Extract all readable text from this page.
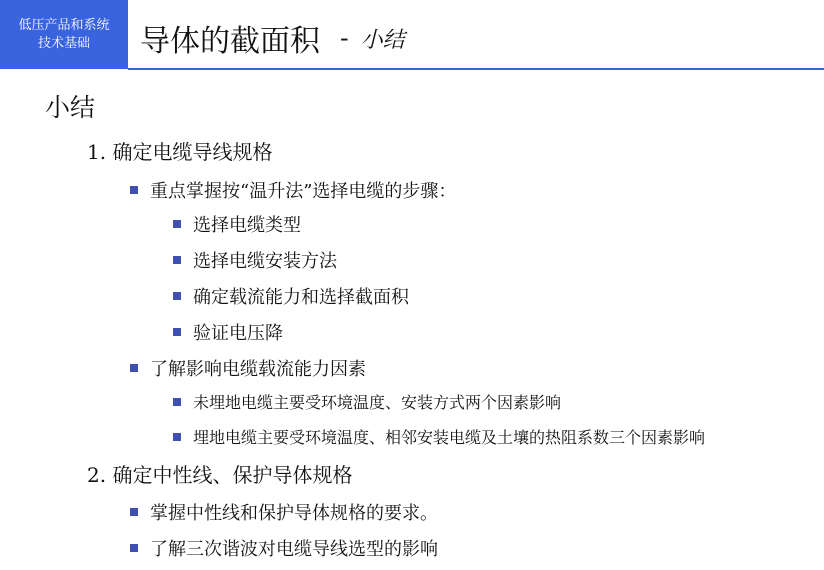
低压产品和系统
技术基础 导体的截面积 - 小结
小结
1. 确定电缆导线规格
重点掌握按“温升法”选择电缆的步骤：
选择电缆类型
选择电缆安装方法
确定载流能力和选择截面积
验证电压降
了解影响电缆载流能力因素
未埋地电缆主要受环境温度、安装方式两个因素影响
埋地电缆主要受环境温度、相邻安装电缆及土壤的热阻系数三个因素影响
2. 确定中性线、保护导体规格
掌握中性线和保护导体规格的要求。
了解三次谐波对电缆导线选型的影响
